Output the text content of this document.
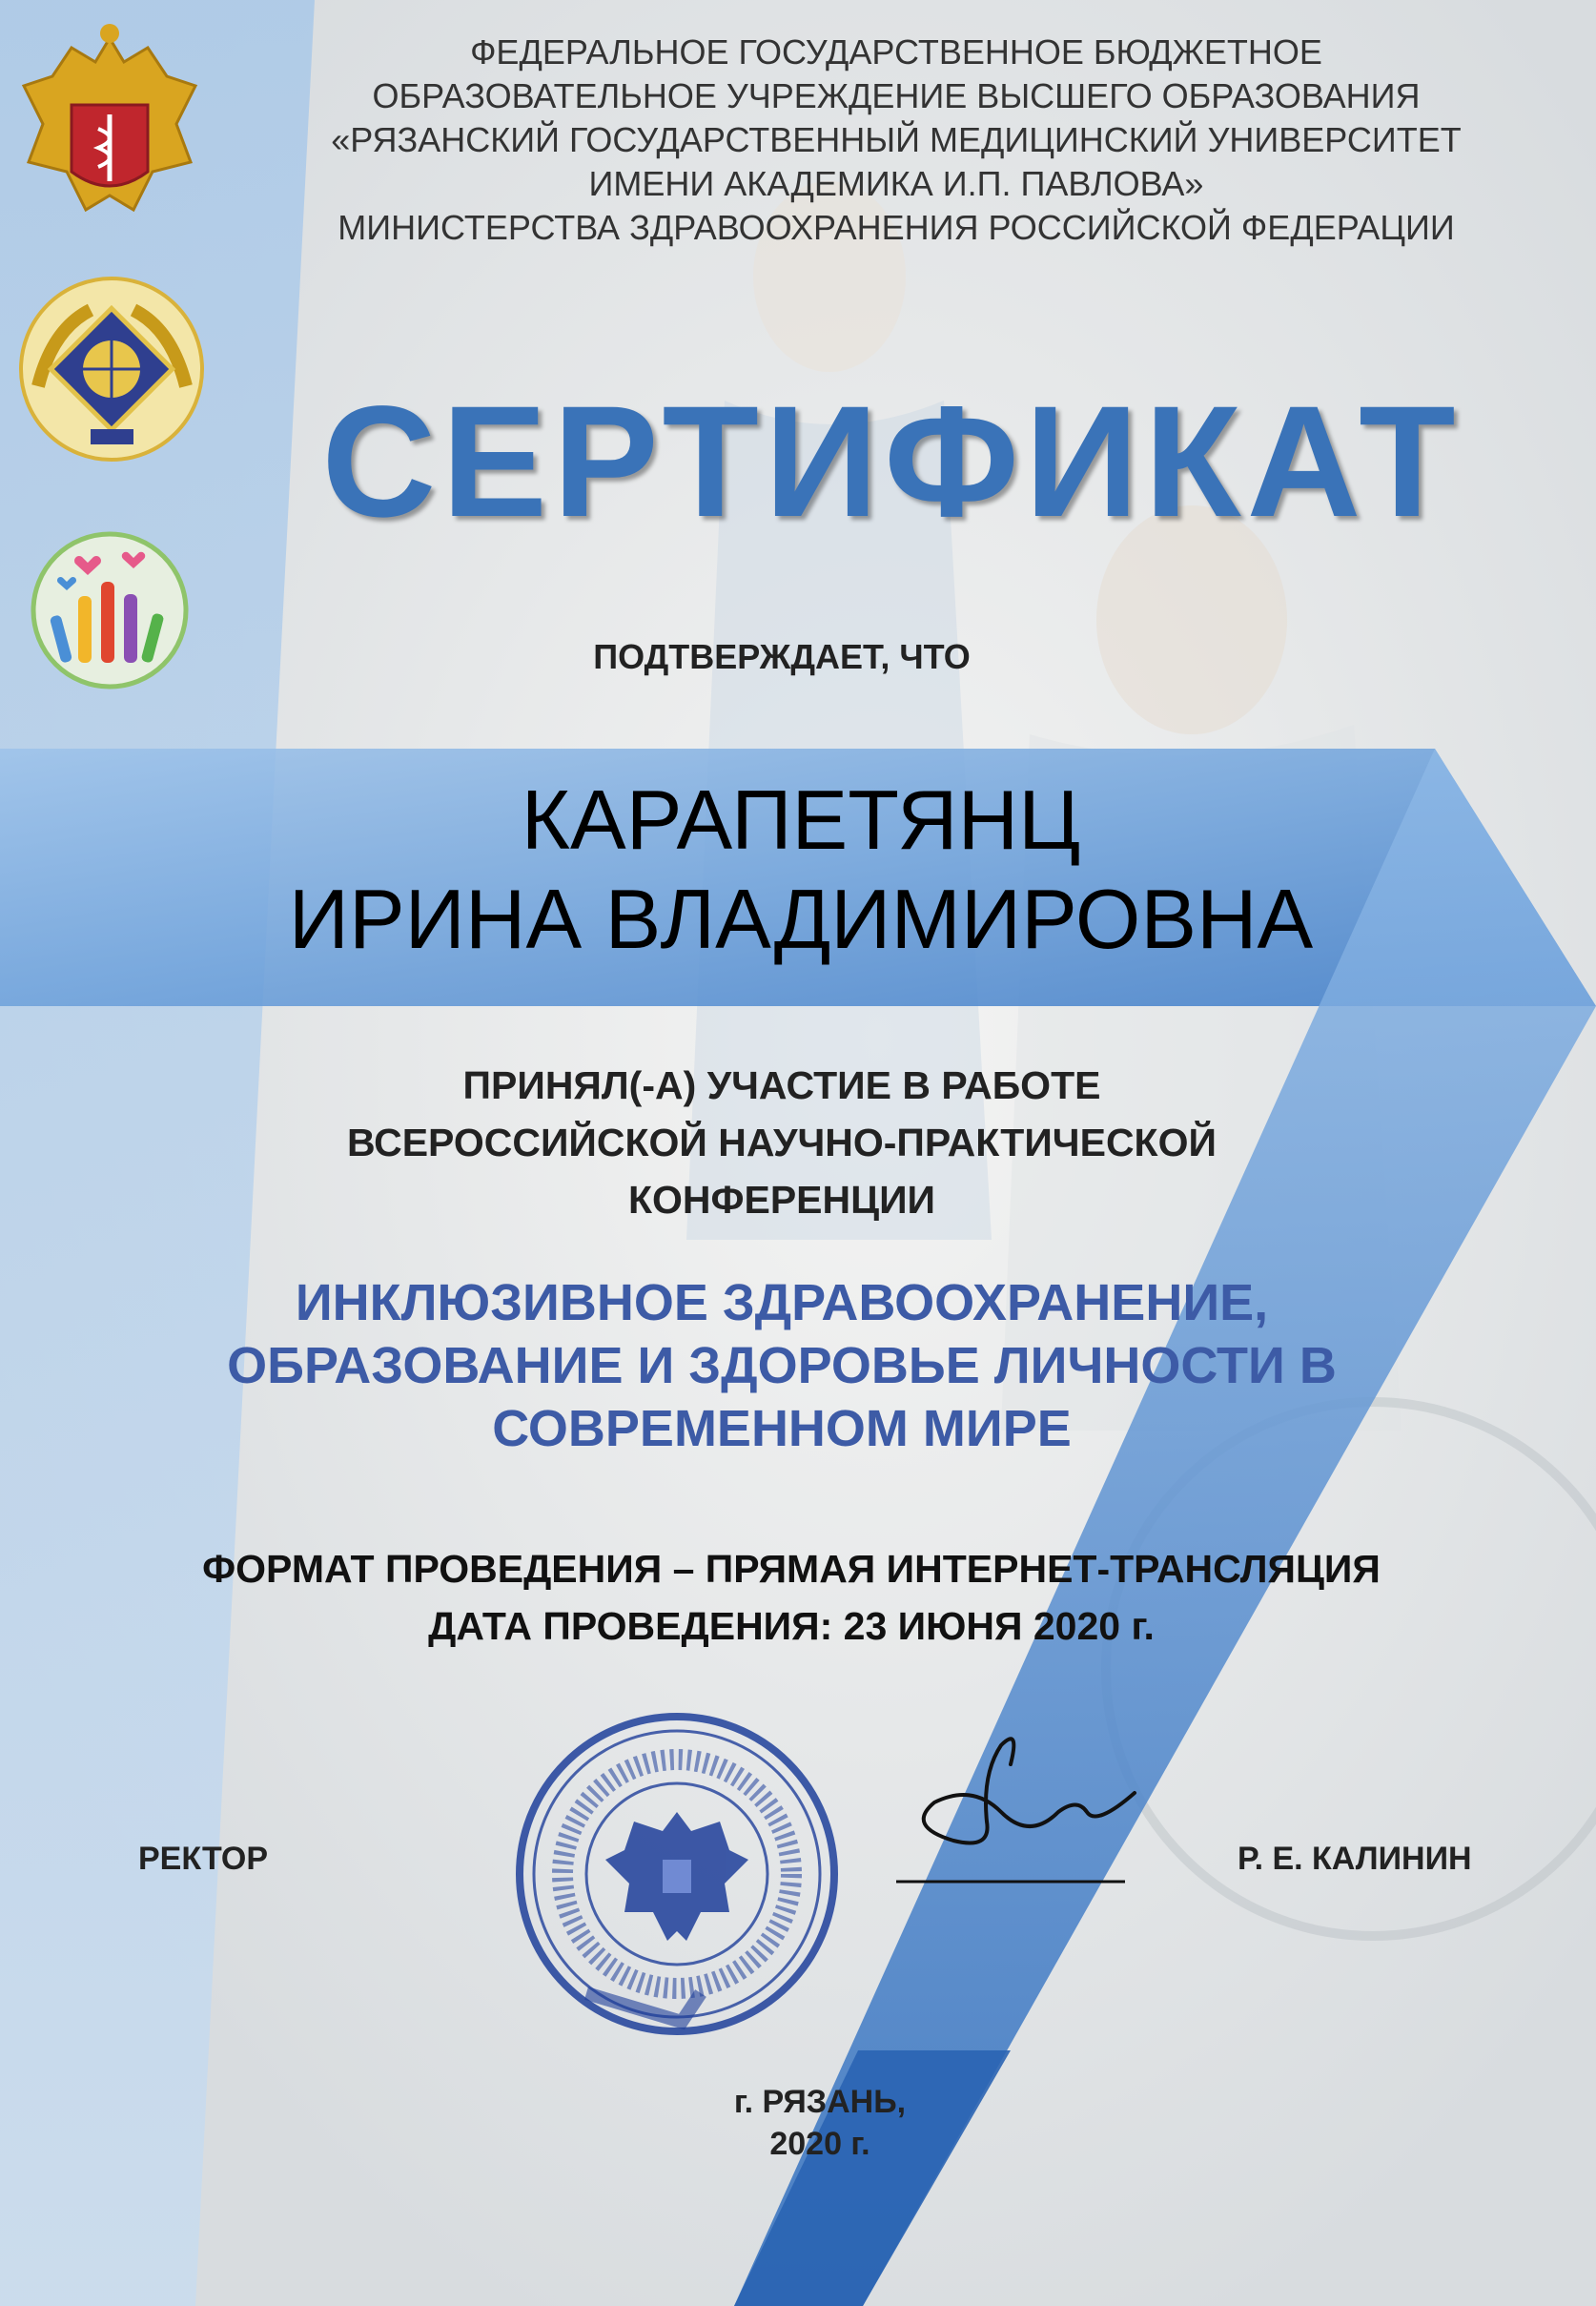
ФЕДЕРАЛЬНОЕ ГОСУДАРСТВЕННОЕ БЮДЖЕТНОЕ
ОБРАЗОВАТЕЛЬНОЕ УЧРЕЖДЕНИЕ ВЫСШЕГО ОБРАЗОВАНИЯ
«РЯЗАНСКИЙ ГОСУДАРСТВЕННЫЙ МЕДИЦИНСКИЙ УНИВЕРСИТЕТ
ИМЕНИ АКАДЕМИКА И.П. ПАВЛОВА»
МИНИСТЕРСТВА ЗДРАВООХРАНЕНИЯ РОССИЙСКОЙ ФЕДЕРАЦИИ
СЕРТИФИКАТ
ПОДТВЕРЖДАЕТ, ЧТО
КАРАПЕТЯНЦ
ИРИНА ВЛАДИМИРОВНА
ПРИНЯЛ(-А) УЧАСТИЕ В РАБОТЕ
ВСЕРОССИЙСКОЙ НАУЧНО-ПРАКТИЧЕСКОЙ
КОНФЕРЕНЦИИ
ИНКЛЮЗИВНОЕ ЗДРАВООХРАНЕНИЕ,
ОБРАЗОВАНИЕ И ЗДОРОВЬЕ ЛИЧНОСТИ В
СОВРЕМЕННОМ МИРЕ
ФОРМАТ ПРОВЕДЕНИЯ – ПРЯМАЯ ИНТЕРНЕТ-ТРАНСЛЯЦИЯ
ДАТА ПРОВЕДЕНИЯ: 23 ИЮНЯ 2020 г.
РЕКТОР	Р. Е. КАЛИНИН
г. РЯЗАНЬ,
2020 г.
